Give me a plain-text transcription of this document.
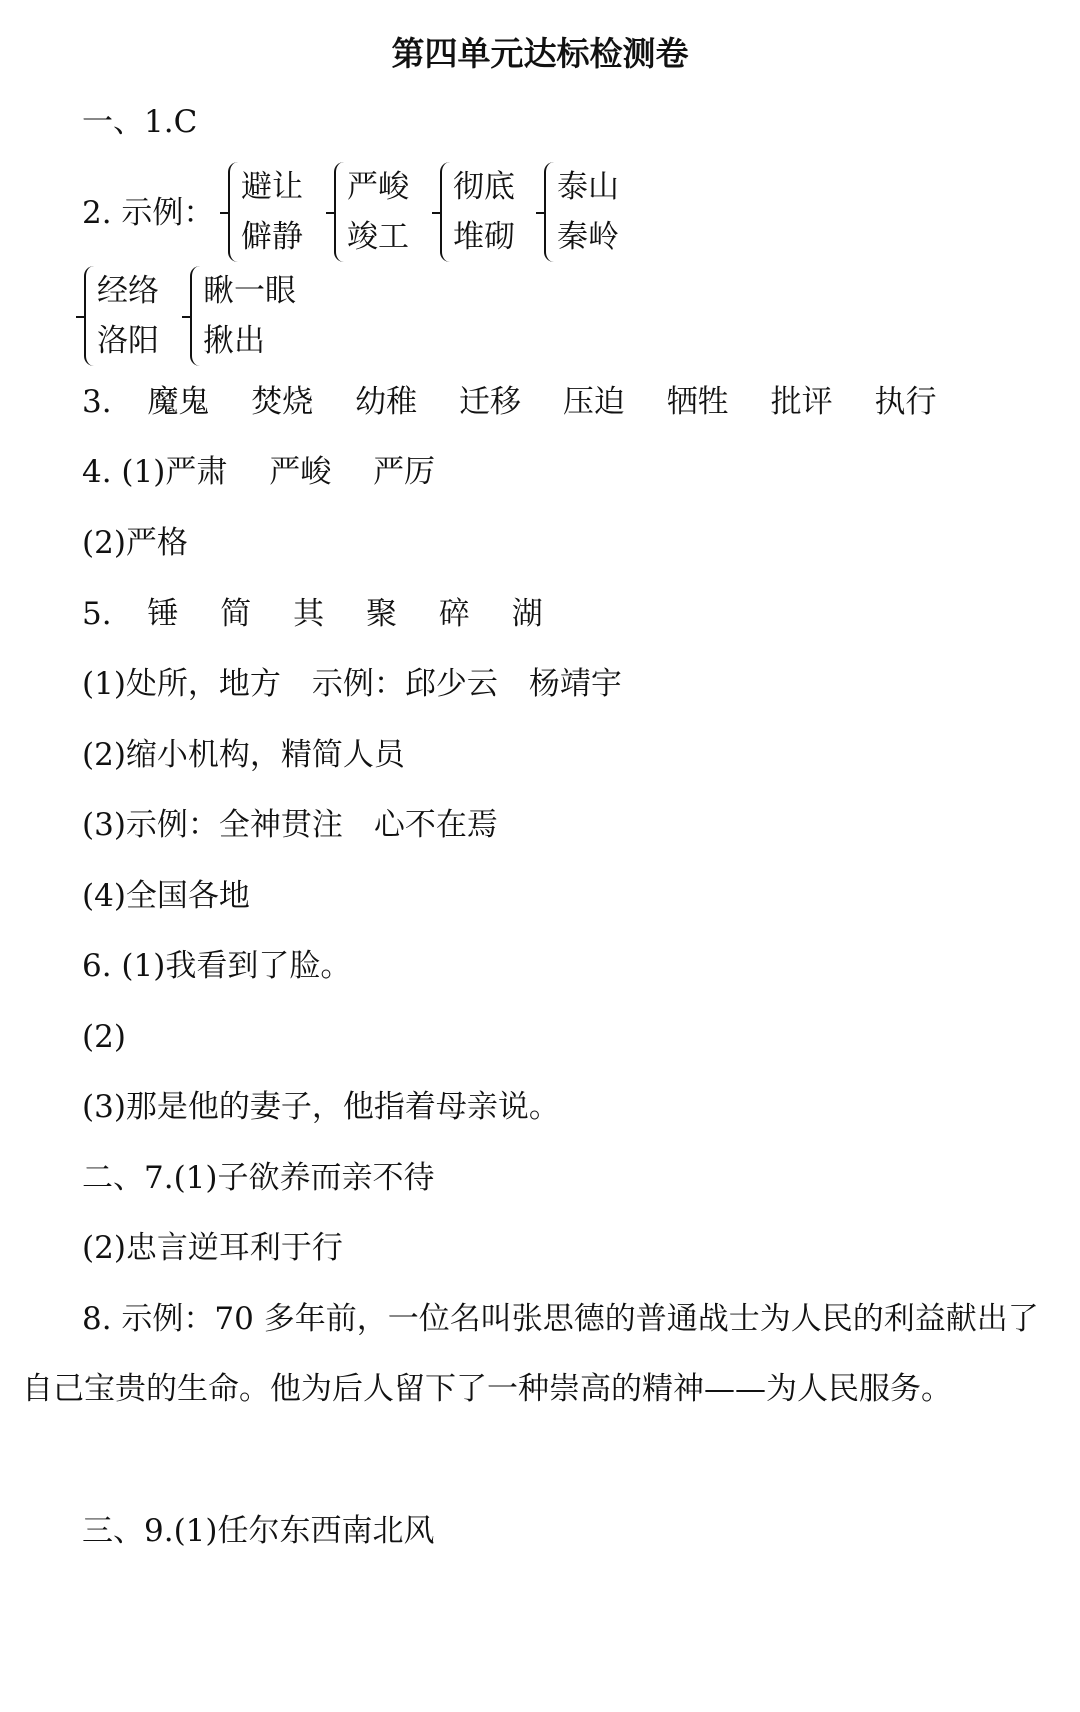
第四单元达标检测卷
一、1.C
2. 示例：
避让
僻静
严峻
竣工
彻底
堆砌
泰山
秦岭
经络
洛阳
瞅一眼
揪出
3. 魔鬼 焚烧 幼稚 迁移 压迫 牺牲 批评 执行
4. (1)严肃 严峻 严厉
(2)严格
5. 锤 简 其 聚 碎 湖
(1)处所，地方　示例：邱少云　杨靖宇
(2)缩小机构，精简人员
(3)示例：全神贯注　心不在焉
(4)全国各地
6. (1)我看到了脸。
(2)
(3)那是他的妻子，他指着母亲说。
二、7.(1)子欲养而亲不待
(2)忠言逆耳利于行
8. 示例：70 多年前，一位名叫张思德的普通战士为人民的利益献出了自己宝贵的生命。他为后人留下了一种崇高的精神——为人民服务。
三、9.(1)任尔东西南北风
